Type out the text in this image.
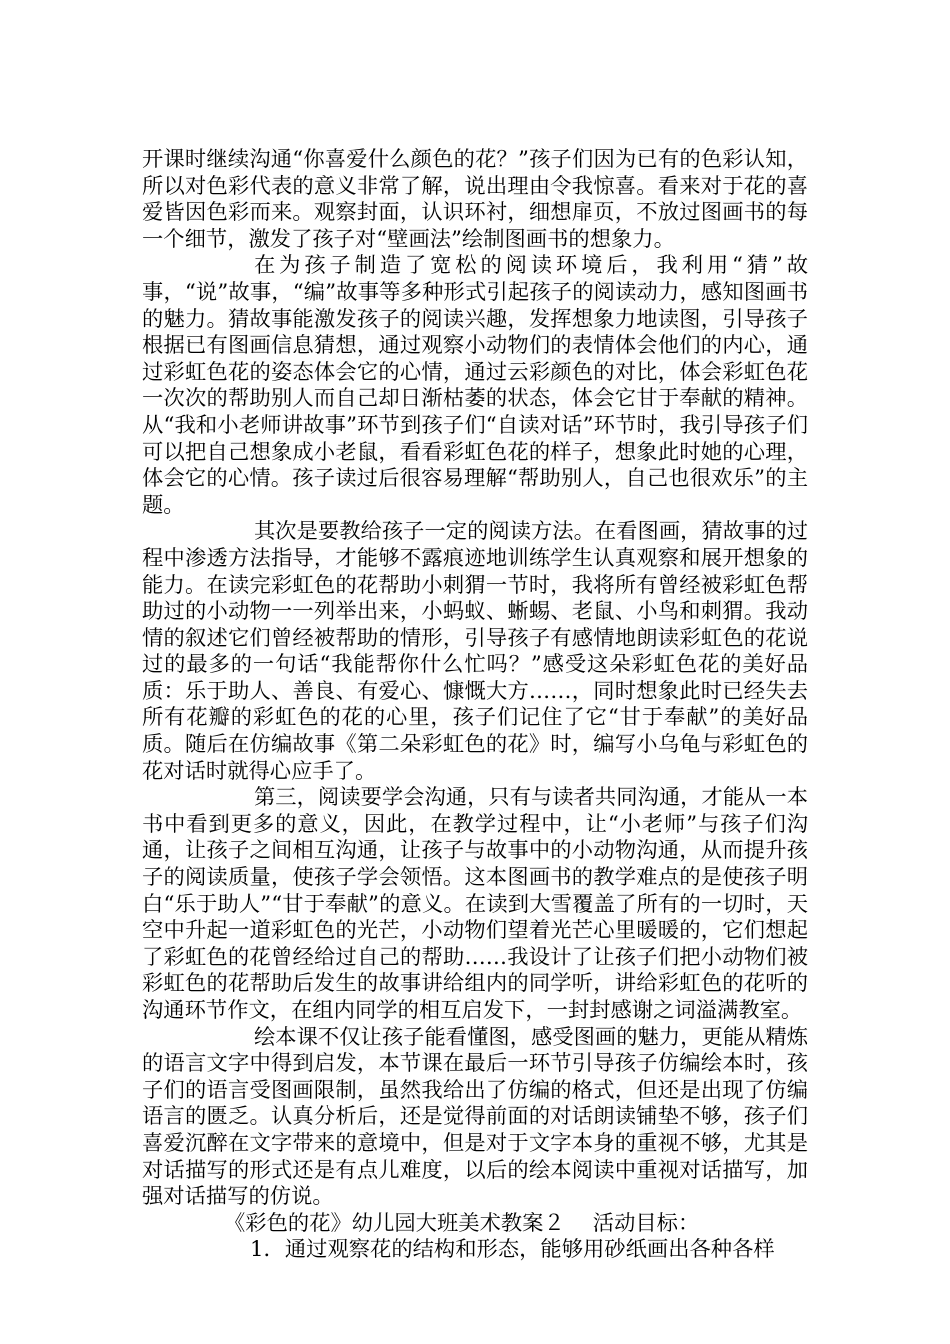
开课时继续沟通“你喜爱什么颜色的花？”孩子们因为已有的色彩认知，所以对色彩代表的意义非常了解，说出理由令我惊喜。看来对于花的喜爱皆因色彩而来。观察封面，认识环衬，细想扉页，不放过图画书的每一个细节，激发了孩子对“壁画法”绘制图画书的想象力。

在为孩子制造了宽松的阅读环境后，我利用“猜”故事，“说”故事，“编”故事等多种形式引起孩子的阅读动力，感知图画书的魅力。猜故事能激发孩子的阅读兴趣，发挥想象力地读图，引导孩子根据已有图画信息猜想，通过观察小动物们的表情体会他们的内心，通过彩虹色花的姿态体会它的心情，通过云彩颜色的对比，体会彩虹色花一次次的帮助别人而自己却日渐枯萎的状态，体会它甘于奉献的精神。从“我和小老师讲故事”环节到孩子们“自读对话”环节时，我引导孩子们可以把自己想象成小老鼠，看看彩虹色花的样子，想象此时她的心理，体会它的心情。孩子读过后很容易理解“帮助别人，自己也很欢乐”的主题。

其次是要教给孩子一定的阅读方法。在看图画，猜故事的过程中渗透方法指导，才能够不露痕迹地训练学生认真观察和展开想象的能力。在读完彩虹色的花帮助小刺猬一节时，我将所有曾经被彩虹色帮助过的小动物一一列举出来，小蚂蚁、蜥蜴、老鼠、小鸟和刺猬。我动情的叙述它们曾经被帮助的情形，引导孩子有感情地朗读彩虹色的花说过的最多的一句话“我能帮你什么忙吗？”感受这朵彩虹色花的美好品质：乐于助人、善良、有爱心、慷慨大方……，同时想象此时已经失去所有花瓣的彩虹色的花的心里，孩子们记住了它“甘于奉献”的美好品质。随后在仿编故事《第二朵彩虹色的花》时，编写小乌龟与彩虹色的花对话时就得心应手了。

第三，阅读要学会沟通，只有与读者共同沟通，才能从一本书中看到更多的意义，因此，在教学过程中，让“小老师”与孩子们沟通，让孩子之间相互沟通，让孩子与故事中的小动物沟通，从而提升孩子的阅读质量，使孩子学会领悟。这本图画书的教学难点的是使孩子明白“乐于助人”“甘于奉献”的意义。在读到大雪覆盖了所有的一切时，天空中升起一道彩虹色的光芒，小动物们望着光芒心里暖暖的，它们想起了彩虹色的花曾经给过自己的帮助……我设计了让孩子们把小动物们被彩虹色的花帮助后发生的故事讲给组内的同学听，讲给彩虹色的花听的沟通环节作文，在组内同学的相互启发下，一封封感谢之词溢满教室。

绘本课不仅让孩子能看懂图，感受图画的魅力，更能从精炼的语言文字中得到启发，本节课在最后一环节引导孩子仿编绘本时，孩子们的语言受图画限制，虽然我给出了仿编的格式，但还是出现了仿编语言的匮乏。认真分析后，还是觉得前面的对话朗读铺垫不够，孩子们喜爱沉醉在文字带来的意境中，但是对于文字本身的重视不够，尤其是对话描写的形式还是有点儿难度，以后的绘本阅读中重视对话描写，加强对话描写的仿说。

《彩色的花》幼儿园大班美术教案２ 活动目标：

1．通过观察花的结构和形态，能够用砂纸画出各种各样
